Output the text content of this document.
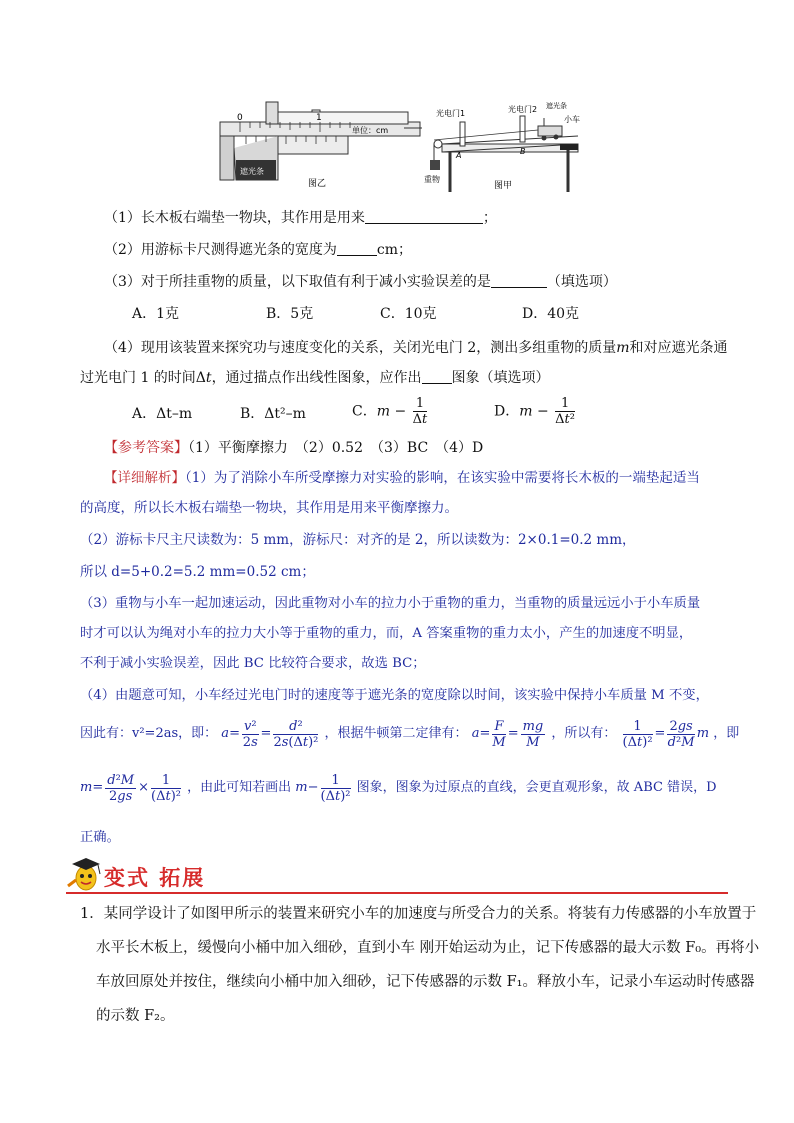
0	1
单位：cm
遮光条
图乙
光电门1	光电门2 遮光条
小车
A	B
重物
图甲
（1）长木板右端垫一物块，其作用是用来	；
（2）用游标卡尺测得遮光条的宽度为	cm；
（3）对于所挂重物的质量，以下取值有利于减小实验误差的是	（填选项）
A．1克	B．5克	C．10克	D．40克
（4）现用该装置来探究功与速度变化的关系，关闭光电门 2，测出多组重物的质量m和对应遮光条通
过光电门 1 的时间Δt，通过描点作出线性图象，应作出 图象（填选项）
A．Δt–m	B．Δt²–m	C．$m - \frac{1}{\Delta t}$	D．$m - \frac{1}{\text{Δt²}}$
【参考答案】（1）平衡摩擦力　（2）0.52　（3）BC　（4）D
【详细解析】（1）为了消除小车所受摩擦力对实验的影响，在该实验中需要将长木板的一端垫起适当
的高度，所以长木板右端垫一物块，其作用是用来平衡摩擦力。
（2）游标卡尺主尺读数为：5 mm，游标尺：对齐的是 2，所以读数为：2×0.1=0.2 mm，
所以 d=5+0.2=5.2 mm=0.52 cm；
（3）重物与小车一起加速运动，因此重物对小车的拉力小于重物的重力，当重物的质量远远小于小车质量
时才可以认为绳对小车的拉力大小等于重物的重力，而，A 答案重物的重力太小，产生的加速度不明显，
不利于减小实验误差，因此 BC 比较符合要求，故选 BC；
（4）由题意可知，小车经过光电门时的速度等于遮光条的宽度除以时间，该实验中保持小车质量 M 不变，
因此有：v²=2as，即： $a= \frac{\text{v²}}{2s} = \frac{\text{d²}}{\text{2s(Δt)²}}$ ，根据牛顿第二定律有： $a= \frac{F}{M} = \frac{mg}{M}$ ，所以有： $\frac{1}{\text{(Δt)²}} = \frac{2gs}{\text{d²M}}$ m ，即
$m= \frac{\text{d²M}}{2gs} \times \frac{1}{\text{(Δt)²}}$ ，由此可知若画出 $m- \frac{1}{\text{(Δt)²}}$ 图象，图象为过原点的直线，会更直观形象，故 ABC 错误，D
正确。
变式 拓展
1．某同学设计了如图甲所示的装置来研究小车的加速度与所受合力的关系。将装有力传感器的小车放置于
水平长木板上，缓慢向小桶中加入细砂，直到小车 刚开始运动为止，记下传感器的最大示数 F₀。再将小
车放回原处并按住，继续向小桶中加入细砂，记下传感器的示数 F₁。释放小车，记录小车运动时传感器
的示数 F₂。
